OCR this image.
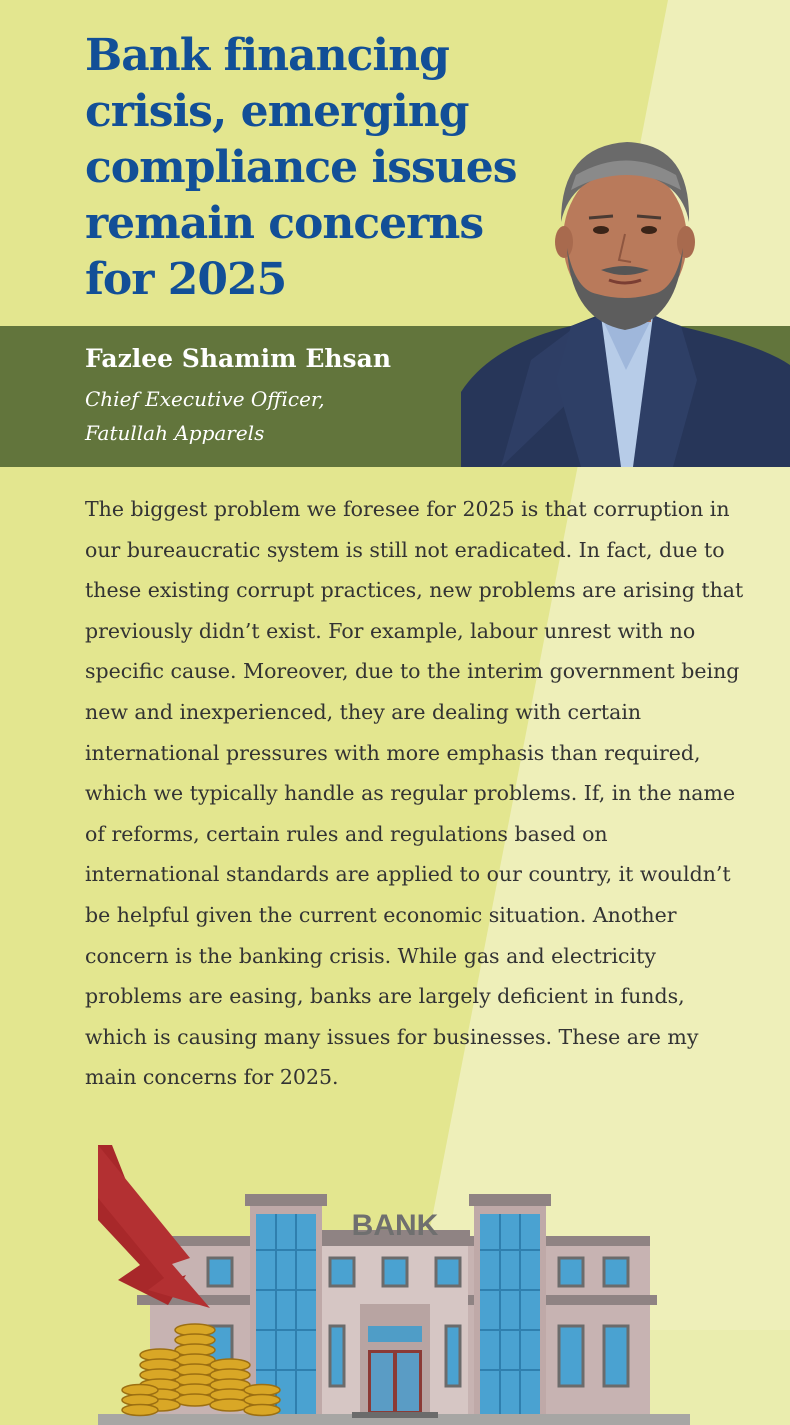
Bank financing crisis, emerging compliance issues remain concerns for 2025
Fazlee Shamim Ehsan
Chief Executive Officer, Fatullah Apparels
The biggest problem we foresee for 2025 is that corruption in our bureaucratic system is still not eradicated. In fact, due to these existing corrupt practices, new problems are arising that previously didn’t exist. For example, labour unrest with no specific cause. Moreover, due to the interim government being new and inexperienced, they are dealing with certain international pressures with more emphasis than required, which we typically handle as regular problems. If, in the name of reforms, certain rules and regulations based on international standards are applied to our country, it wouldn’t be helpful given the current economic situation. Another concern is the banking crisis. While gas and electricity problems are easing, banks are largely deficient in funds, which is causing many issues for businesses. These are my main concerns for 2025.
BANK
